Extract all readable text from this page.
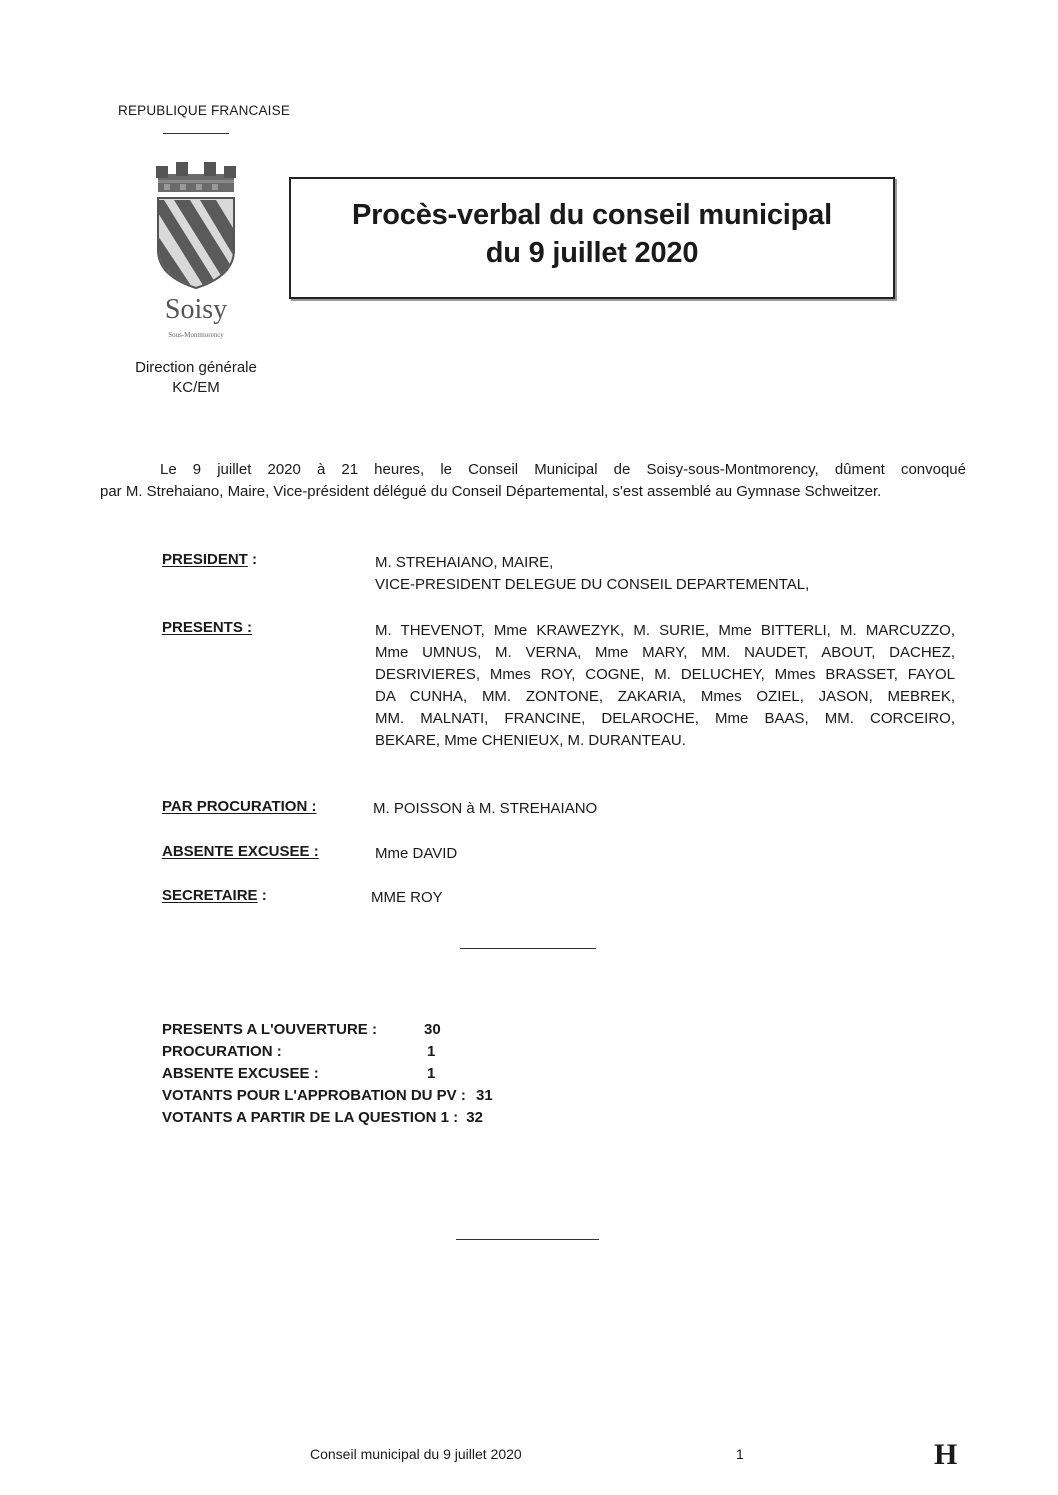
REPUBLIQUE FRANCAISE
Soisy
Sous-Montmorency
Direction générale
KC/EM
Procès-verbal du conseil municipal
du 9 juillet 2020
Le 9 juillet 2020 à 21 heures, le Conseil Municipal de Soisy-sous-Montmorency, dûment convoqué
par M. Strehaiano, Maire, Vice-président délégué du Conseil Départemental, s'est assemblé au Gymnase Schweitzer.
PRESIDENT :	M. STREHAIANO, MAIRE,
VICE-PRESIDENT DELEGUE DU CONSEIL DEPARTEMENTAL,
PRESENTS :	M. THEVENOT, Mme KRAWEZYK, M. SURIE, Mme BITTERLI, M. MARCUZZO,
Mme UMNUS, M. VERNA, Mme MARY, MM. NAUDET, ABOUT, DACHEZ,
DESRIVIERES, Mmes ROY, COGNE, M. DELUCHEY, Mmes BRASSET, FAYOL
DA CUNHA, MM. ZONTONE, ZAKARIA, Mmes OZIEL, JASON, MEBREK,
MM. MALNATI, FRANCINE, DELAROCHE, Mme BAAS, MM. CORCEIRO,
BEKARE, Mme CHENIEUX, M. DURANTEAU.
PAR PROCURATION :	M. POISSON à M. STREHAIANO
ABSENTE EXCUSEE :	Mme DAVID
SECRETAIRE :	MME ROY
PRESENTS A L'OUVERTURE :	30
PROCURATION :	1
ABSENTE EXCUSEE :	1
VOTANTS POUR L'APPROBATION DU PV : 31
VOTANTS A PARTIR DE LA QUESTION 1 : 32
Conseil municipal du 9 juillet 2020	1	H
